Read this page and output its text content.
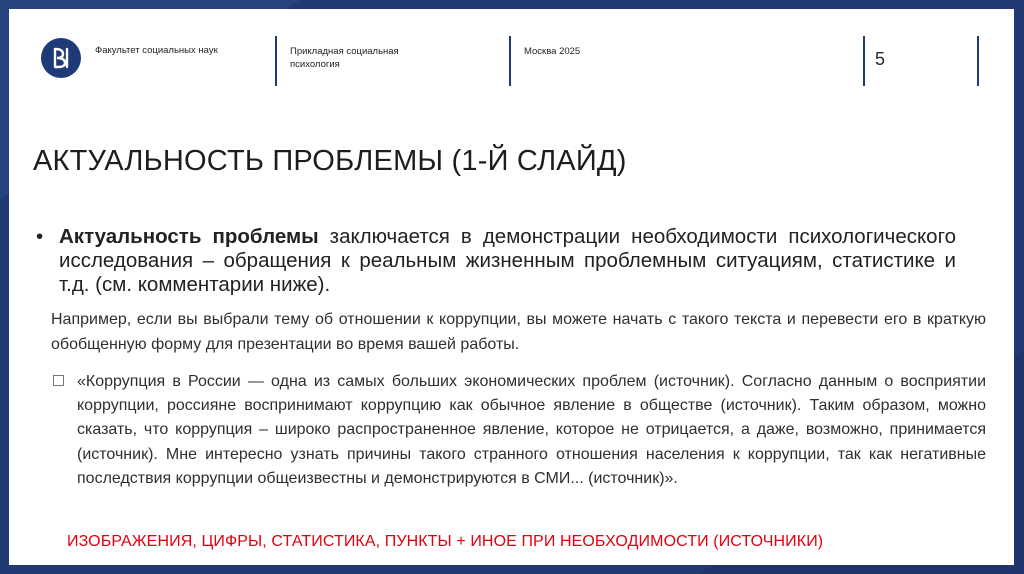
Факультет социальных наук	Прикладная социальная психология
Москва 2025	5
АКТУАЛЬНОСТЬ ПРОБЛЕМЫ (1-Й СЛАЙД)
• Актуальность проблемы заключается в демонстрации необходимости психологического исследования – обращения к реальным жизненным проблемным ситуациям, статистике и т.д. (см. комментарии ниже).
Например, если вы выбрали тему об отношении к коррупции, вы можете начать с такого текста и перевести его в краткую обобщенную форму для презентации во время вашей работы.
«Коррупция в России — одна из самых больших экономических проблем (источник). Согласно данным о восприятии коррупции, россияне воспринимают коррупцию как обычное явление в обществе (источник). Таким образом, можно сказать, что коррупция – широко распространенное явление, которое не отрицается, а даже, возможно, принимается (источник). Мне интересно узнать причины такого странного отношения населения к коррупции, так как негативные последствия коррупции общеизвестны и демонстрируются в СМИ... (источник)».
ИЗОБРАЖЕНИЯ, ЦИФРЫ, СТАТИСТИКА, ПУНКТЫ + ИНОЕ ПРИ НЕОБХОДИМОСТИ (ИСТОЧНИКИ)
